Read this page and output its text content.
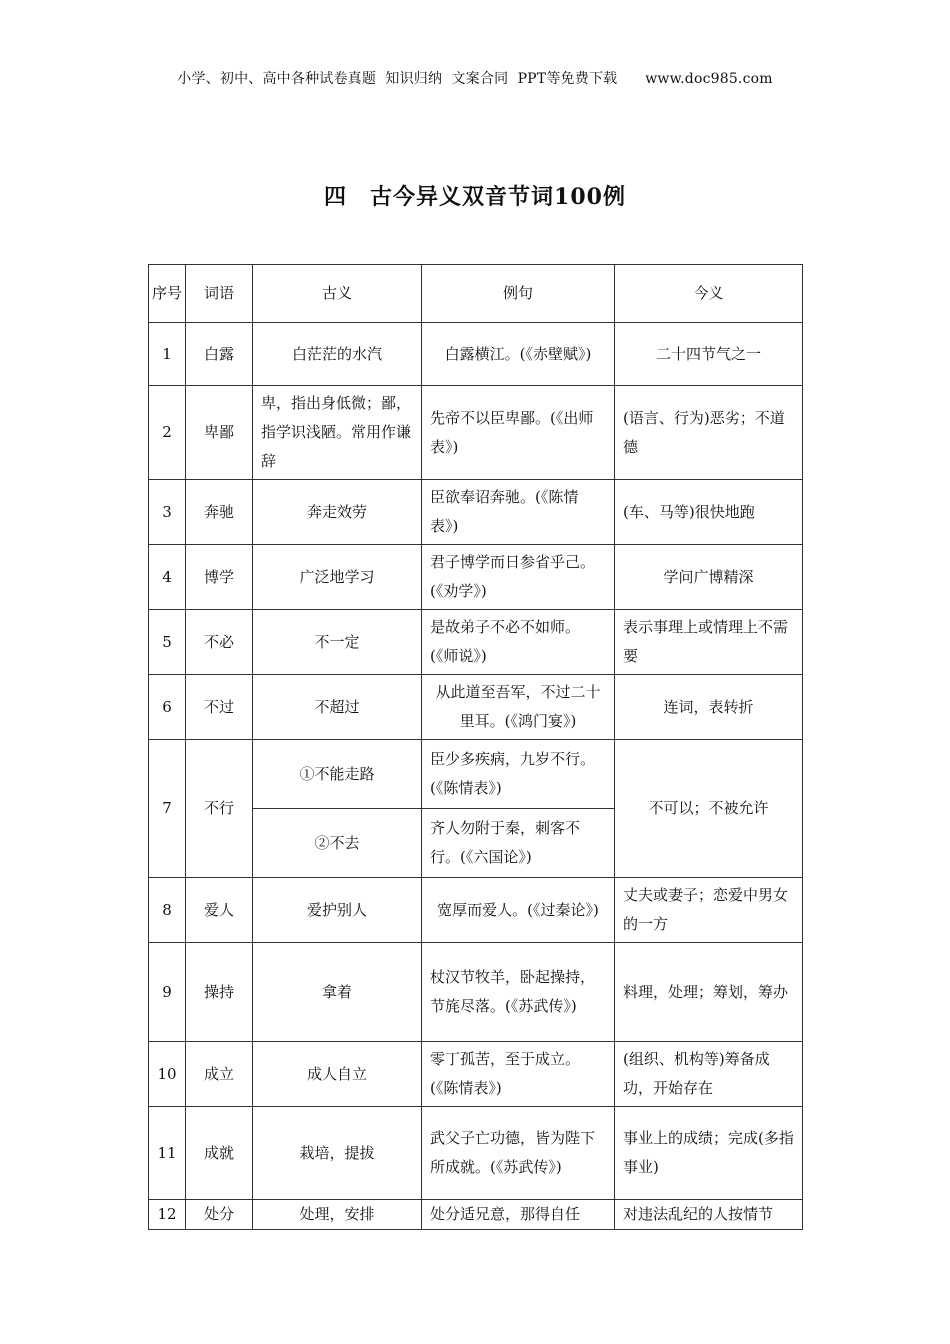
小学、初中、高中各种试卷真题  知识归纳  文案合同  PPT等免费下载      www.doc985.com
四　古今异义双音节词100例
序号	词语	古义	例句	今义
1	白露	白茫茫的水汽	白露横江。(《赤壁赋》)	二十四节气之一
2	卑鄙	卑，指出身低微；鄙，指学识浅陋。常用作谦辞	先帝不以臣卑鄙。(《出师表》)	(语言、行为)恶劣；不道德
3	奔驰	奔走效劳	臣欲奉诏奔驰。(《陈情表》)	(车、马等)很快地跑
4	博学	广泛地学习	君子博学而日参省乎己。(《劝学》)	学问广博精深
5	不必	不一定	是故弟子不必不如师。(《师说》)	表示事理上或情理上不需要
6	不过	不超过	从此道至吾军，不过二十里耳。(《鸿门宴》)	连词，表转折
7	不行	①不能走路	臣少多疾病，九岁不行。(《陈情表》)	不可以；不被允许
		②不去	齐人勿附于秦，刺客不行。(《六国论》)	
8	爱人	爱护别人	宽厚而爱人。(《过秦论》)	丈夫或妻子；恋爱中男女的一方
9	操持	拿着	杖汉节牧羊，卧起操持，节旄尽落。(《苏武传》)	料理，处理；筹划，筹办
10	成立	成人自立	零丁孤苦，至于成立。(《陈情表》)	(组织、机构等)筹备成功，开始存在
11	成就	栽培，提拔	武父子亡功德，皆为陛下所成就。(《苏武传》)	事业上的成绩；完成(多指事业)
12	处分	处理，安排	处分适兄意，那得自任	对违法乱纪的人按情节
